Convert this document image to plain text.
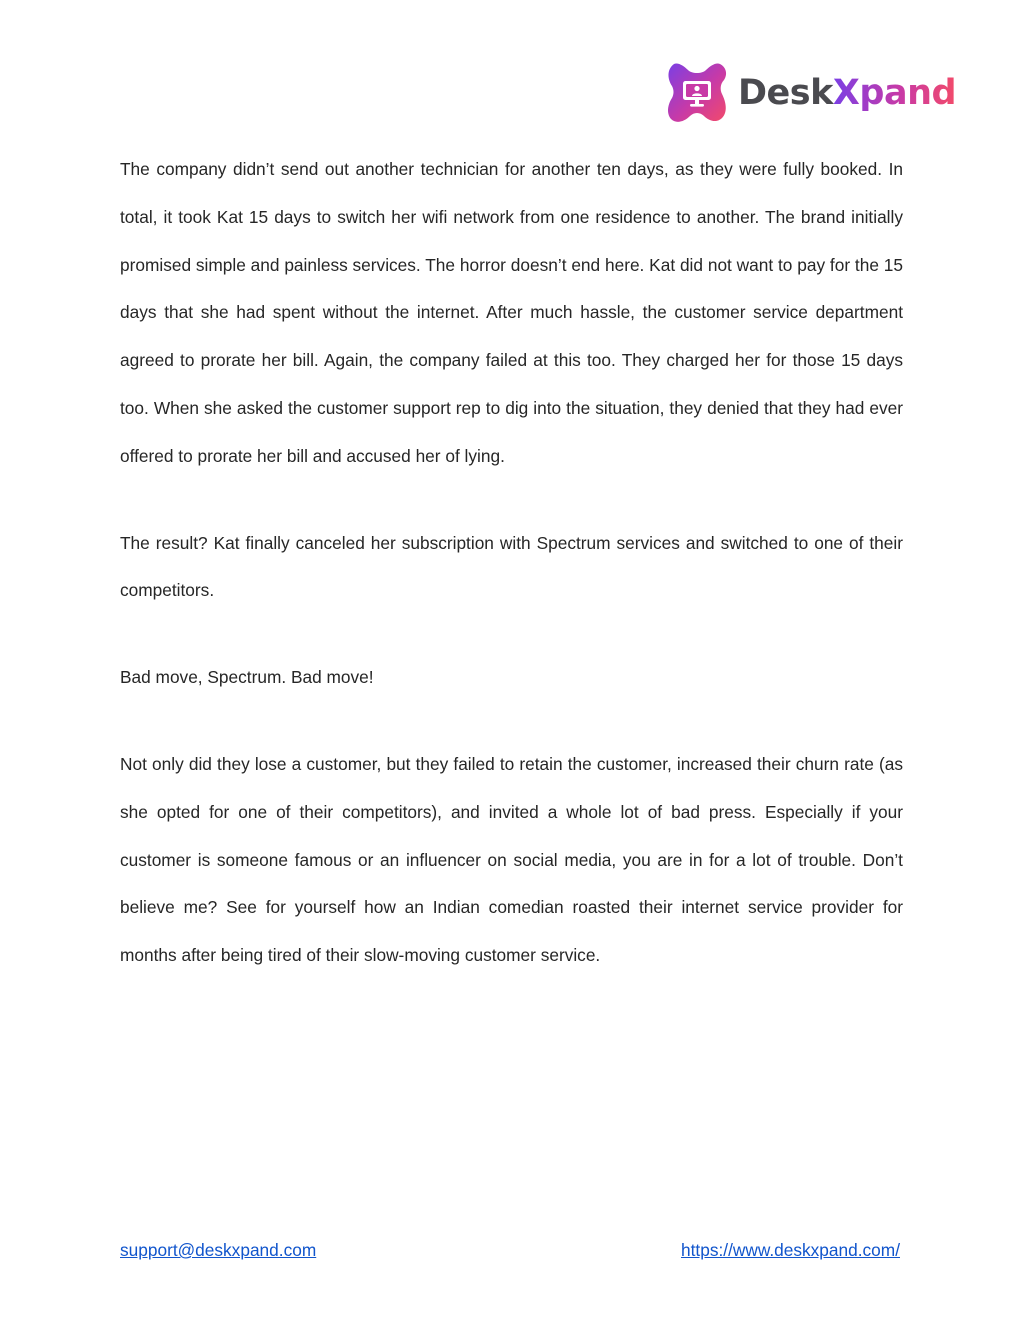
DeskXpand

The company didn’t send out another technician for another ten days, as they were fully booked. In total, it took Kat 15 days to switch her wifi network from one residence to another. The brand initially promised simple and painless services. The horror doesn’t end here. Kat did not want to pay for the 15 days that she had spent without the internet. After much hassle, the customer service department agreed to prorate her bill. Again, the company failed at this too. They charged her for those 15 days too. When she asked the customer support rep to dig into the situation, they denied that they had ever offered to prorate her bill and accused her of lying.

The result? Kat finally canceled her subscription with Spectrum services and switched to one of their competitors.

Bad move, Spectrum. Bad move!

Not only did they lose a customer, but they failed to retain the customer, increased their churn rate (as she opted for one of their competitors), and invited a whole lot of bad press. Especially if your customer is someone famous or an influencer on social media, you are in for a lot of trouble. Don’t believe me? See for yourself how an Indian comedian roasted their internet service provider for months after being tired of their slow-moving customer service.

support@deskxpand.com	https://www.deskxpand.com/
